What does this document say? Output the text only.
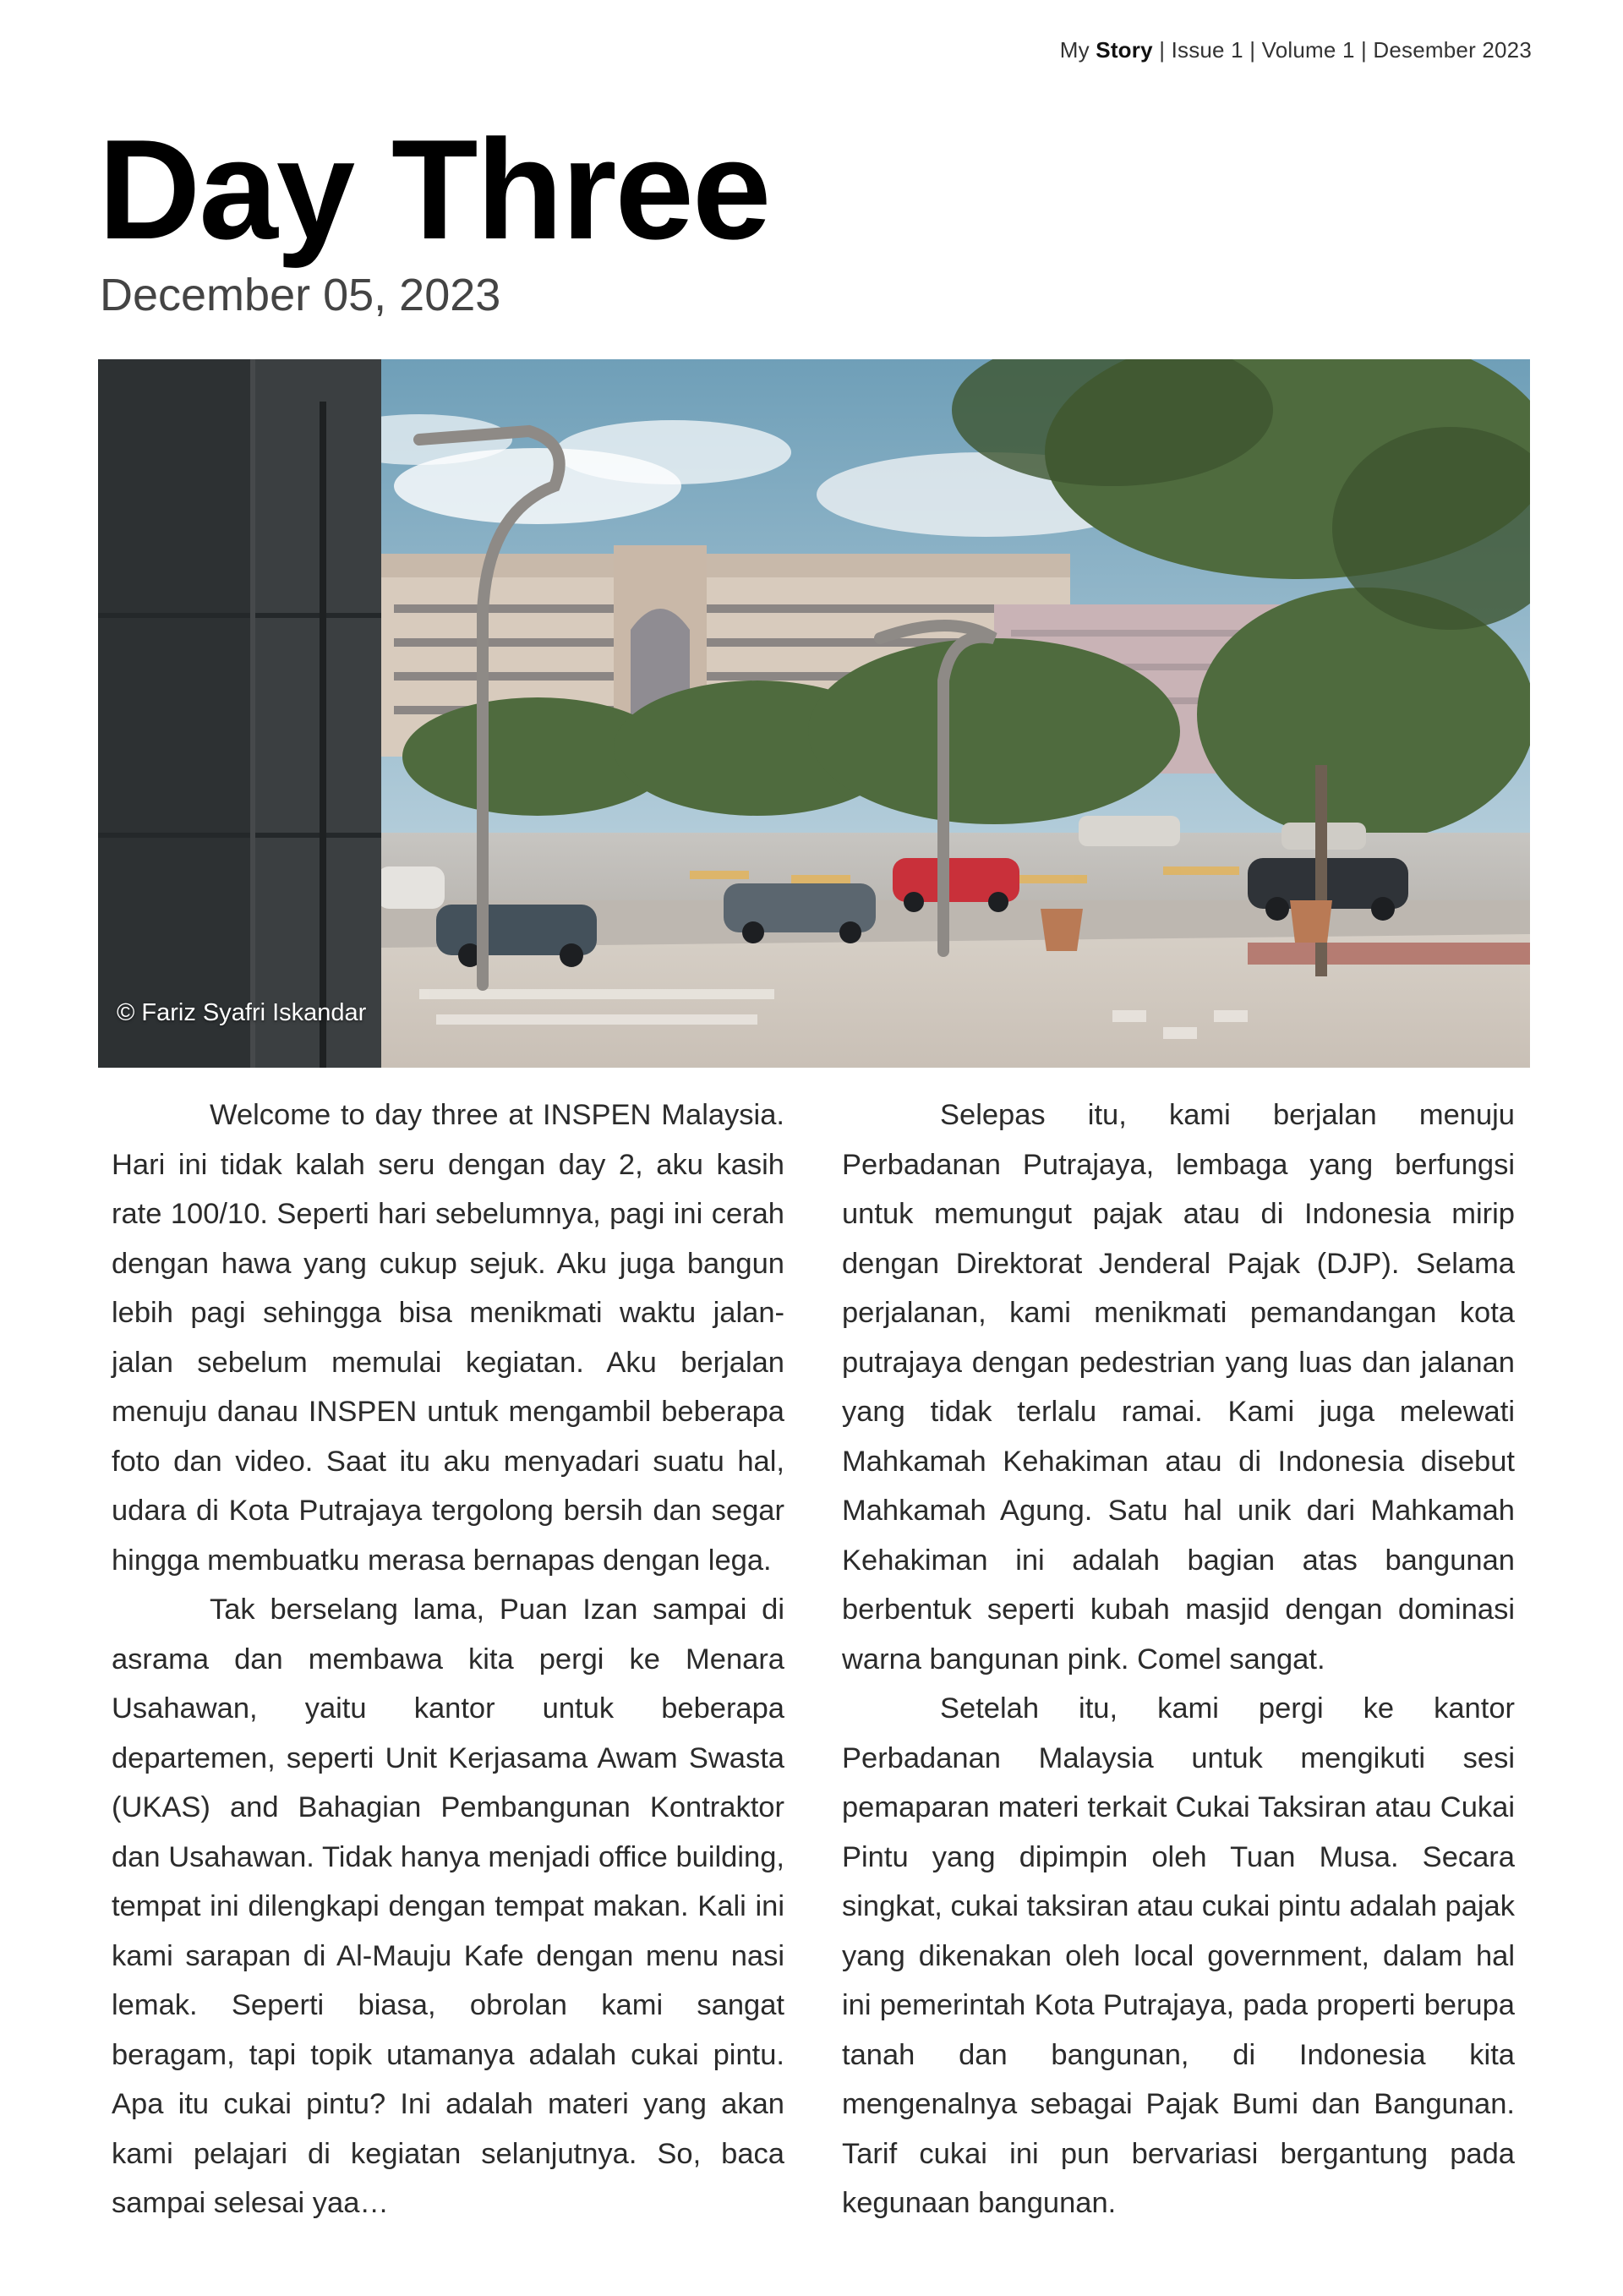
My Story | Issue 1 | Volume 1 | Desember 2023
Day Three
December 05, 2023
© Fariz Syafri Iskandar

Welcome to day three at INSPEN Malaysia. Hari ini tidak kalah seru dengan day 2, aku kasih rate 100/10. Seperti hari sebelumnya, pagi ini cerah dengan hawa yang cukup sejuk. Aku juga bangun lebih pagi sehingga bisa menikmati waktu jalan-jalan sebelum memulai kegiatan. Aku berjalan menuju danau INSPEN untuk mengambil beberapa foto dan video. Saat itu aku menyadari suatu hal, udara di Kota Putrajaya tergolong bersih dan segar hingga membuatku merasa bernapas dengan lega.

Tak berselang lama, Puan Izan sampai di asrama dan membawa kita pergi ke Menara Usahawan, yaitu kantor untuk beberapa departemen, seperti Unit Kerjasama Awam Swasta (UKAS) and Bahagian Pembangunan Kontraktor dan Usahawan. Tidak hanya menjadi office building, tempat ini dilengkapi dengan tempat makan. Kali ini kami sarapan di Al-Mauju Kafe dengan menu nasi lemak. Seperti biasa, obrolan kami sangat beragam, tapi topik utamanya adalah cukai pintu. Apa itu cukai pintu? Ini adalah materi yang akan kami pelajari di kegiatan selanjutnya. So, baca sampai selesai yaa…

Selepas itu, kami berjalan menuju Perbadanan Putrajaya, lembaga yang berfungsi untuk memungut pajak atau di Indonesia mirip dengan Direktorat Jenderal Pajak (DJP). Selama perjalanan, kami menikmati pemandangan kota putrajaya dengan pedestrian yang luas dan jalanan yang tidak terlalu ramai. Kami juga melewati Mahkamah Kehakiman atau di Indonesia disebut Mahkamah Agung. Satu hal unik dari Mahkamah Kehakiman ini adalah bagian atas bangunan berbentuk seperti kubah masjid dengan dominasi warna bangunan pink. Comel sangat.

Setelah itu, kami pergi ke kantor Perbadanan Malaysia untuk mengikuti sesi pemaparan materi terkait Cukai Taksiran atau Cukai Pintu yang dipimpin oleh Tuan Musa. Secara singkat, cukai taksiran atau cukai pintu adalah pajak yang dikenakan oleh local government, dalam hal ini pemerintah Kota Putrajaya, pada properti berupa tanah dan bangunan, di Indonesia kita mengenalnya sebagai Pajak Bumi dan Bangunan. Tarif cukai ini pun bervariasi bergantung pada kegunaan bangunan.
